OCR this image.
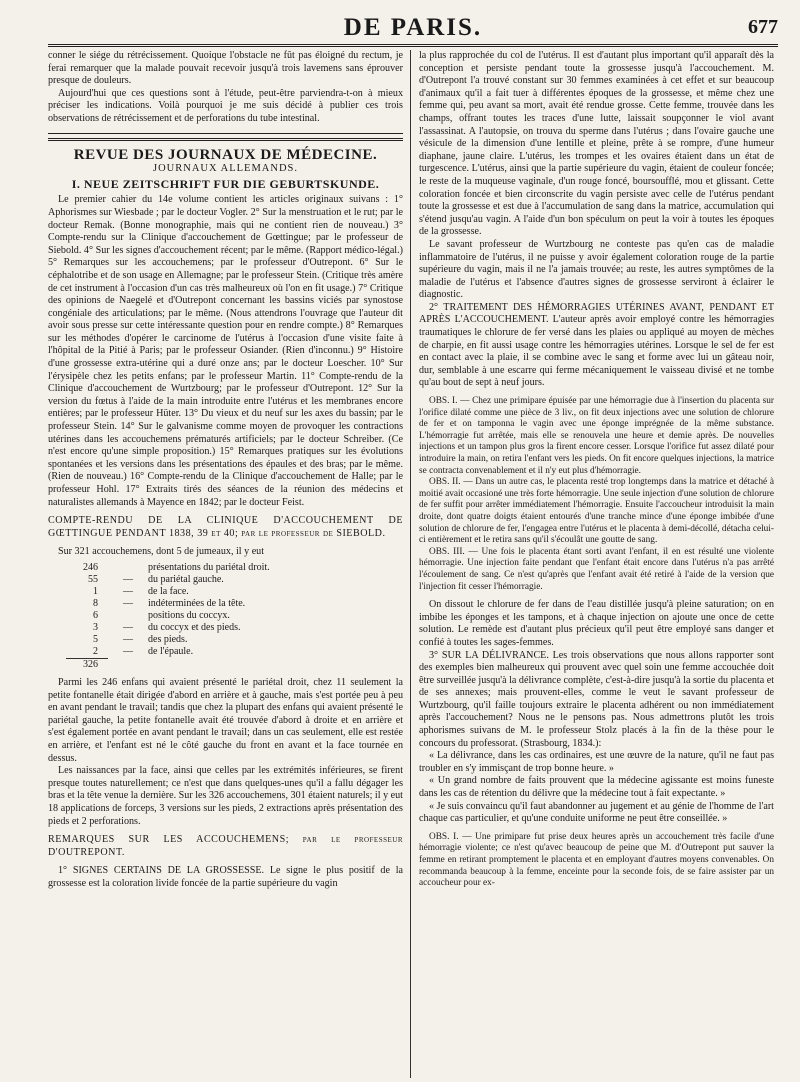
DE PARIS.	677

conner le siége du rétrécissement. Quoique l'obstacle ne fût pas éloigné du rectum, je ferai remarquer que la malade pouvait recevoir jusqu'à trois lavemens sans éprouver presque de douleurs.

Aujourd'hui que ces questions sont à l'étude, peut-être parviendra-t-on à mieux préciser les indications. Voilà pourquoi je me suis décidé à publier ces trois observations de rétrécissement et de perforations du tube intestinal.

REVUE DES JOURNAUX DE MÉDECINE.
JOURNAUX ALLEMANDS.
I. NEUE ZEITSCHRIFT FUR DIE GEBURTSKUNDE.

Le premier cahier du 14e volume contient les articles originaux suivans : 1° Aphorismes sur Wiesbade ; par le docteur Vogler. 2° Sur la menstruation et le rut; par le docteur Remak. (Bonne monographie, mais qui ne contient rien de nouveau.) 3° Compte-rendu sur la Clinique d'accouchement de Gœttingue; par le professeur de Siebold. 4° Sur les signes d'accouchement récent; par le même. (Rapport médico-légal.) 5° Remarques sur les accouchemens; par le professeur d'Outrepont. 6° Sur le céphalotribe et de son usage en Allemagne; par le professeur Stein. (Critique très amère de cet instrument à l'occasion d'un cas très malheureux où l'on en fit usage.) 7° Critique des opinions de Naegelé et d'Outrepont concernant les bassins viciés par synostose congéniale des articulations; par le même. (Nous attendrons l'ouvrage que l'auteur dit avoir sous presse sur cette intéressante question pour en rendre compte.) 8° Remarques sur les méthodes d'opérer le carcinome de l'utérus à l'occasion d'une visite faite à l'hôpital de la Pitié à Paris; par le professeur Osiander. (Rien d'inconnu.) 9° Histoire d'une grossesse extra-utérine qui a duré onze ans; par le docteur Loescher. 10° Sur l'érysipèle chez les petits enfans; par le professeur Martin. 11° Compte-rendu de la Clinique d'accouchement de Wurtzbourg; par le professeur d'Outrepont. 12° Sur la version du fœtus à l'aide de la main introduite entre l'utérus et les membranes encore entières; par le professeur Hüter. 13° Du vieux et du neuf sur les axes du bassin; par le professeur Stein. 14° Sur le galvanisme comme moyen de provoquer les contractions utérines dans les accouchemens prématurés artificiels; par le docteur Schreiber. (Ce n'est encore qu'une simple proposition.) 15° Remarques pratiques sur les évolutions spontanées et les versions dans les présentations des épaules et des bras; par le même. (Rien de nouveau.) 16° Compte-rendu de la Clinique d'accouchement de Halle; par le professeur Hohl. 17° Extraits tirés des séances de la réunion des médecins et naturalistes allemands à Mayence en 1842; par le docteur Feist.

COMPTE-RENDU DE LA CLINIQUE D'ACCOUCHEMENT DE GŒTTINGUE PENDANT 1838, 39 et 40; par le professeur de SIEBOLD.

Sur 321 accouchemens, dont 5 de jumeaux, il y eut

246	présentations du pariétal droit.
55	—	du pariétal gauche.
1	—	de la face.
8	—	indéterminées de la tête.
6	positions du coccyx.
3	—	du coccyx et des pieds.
5	—	des pieds.
2	—	de l'épaule.
326

Parmi les 246 enfans qui avaient présenté le pariétal droit, chez 11 seulement la petite fontanelle était dirigée d'abord en arrière et à gauche, mais s'est portée peu à peu en avant pendant le travail; tandis que chez la plupart des enfans qui avaient présenté le pariétal gauche, la petite fontanelle avait été trouvée d'abord à droite et en arrière et s'est également portée en avant pendant le travail; dans un cas seulement, elle est restée en arrière, et l'enfant est né le côté gauche du front en avant et la face tournée en dessus.

Les naissances par la face, ainsi que celles par les extrémités inférieures, se firent presque toutes naturellement; ce n'est que dans quelques-unes qu'il a fallu dégager les bras et la tête venue la dernière. Sur les 326 accouchemens, 301 étaient naturels; il y eut 18 applications de forceps, 3 versions sur les pieds, 2 extractions après présentation des pieds et 2 perforations.

REMARQUES SUR LES ACCOUCHEMENS; par le professeur D'OUTREPONT.

1° SIGNES CERTAINS DE LA GROSSESSE. Le signe le plus positif de la grossesse est la coloration livide foncée de la partie supérieure du vagin

la plus rapprochée du col de l'utérus. Il est d'autant plus important qu'il apparaît dès la conception et persiste pendant toute la grossesse jusqu'à l'accouchement. M. d'Outrepont l'a trouvé constant sur 30 femmes examinées à cet effet et sur beaucoup d'animaux qu'il a fait tuer à différentes époques de la grossesse, et même chez une femme qui, peu avant sa mort, avait été rendue grosse. Cette femme, trouvée dans les champs, offrant toutes les traces d'une lutte, laissait soupçonner le viol avant l'assassinat. A l'autopsie, on trouva du sperme dans l'utérus ; dans l'ovaire gauche une vésicule de la dimension d'une lentille et pleine, prête à se rompre, d'une humeur diaphane, jaune claire. L'utérus, les trompes et les ovaires étaient dans un état de turgescence. L'utérus, ainsi que la partie supérieure du vagin, étaient de couleur foncée; le reste de la muqueuse vaginale, d'un rouge foncé, boursoufflé, mou et glissant. Cette coloration foncée et bien circonscrite du vagin persiste avec celle de l'utérus pendant toute la grossesse et est due à l'accumulation de sang dans la matrice, accumulation qui s'étend jusqu'au vagin. A l'aide d'un bon spéculum on peut la voir à toutes les époques de la grossesse.

Le savant professeur de Wurtzbourg ne conteste pas qu'en cas de maladie inflammatoire de l'utérus, il ne puisse y avoir également coloration rouge de la partie supérieure du vagin, mais il ne l'a jamais trouvée; au reste, les autres symptômes de la maladie de l'utérus et l'absence d'autres signes de grossesse serviront à éclairer le diagnostic.

2° TRAITEMENT DES HÉMORRAGIES UTÉRINES AVANT, PENDANT ET APRÈS L'ACCOUCHEMENT. L'auteur après avoir employé contre les hémorragies traumatiques le chlorure de fer versé dans les plaies ou appliqué au moyen de mèches de charpie, en fit aussi usage contre les hémorragies utérines. Lorsque le sel de fer est en contact avec la plaie, il se combine avec le sang et forme avec lui un gâteau noir, dur, semblable à une escarre qui ferme mécaniquement le vaisseau divisé et ne tombe qu'au bout de sept à neuf jours.

OBS. I. — Chez une primipare épuisée par une hémorragie due à l'insertion du placenta sur l'orifice dilaté comme une pièce de 3 liv., on fit deux injections avec une solution de chlorure de fer et on tamponna le vagin avec une éponge imprégnée de la même substance. L'hémorragie fut arrêtée, mais elle se renouvela une heure et demie après. De nouvelles injections et un tampon plus gros la firent encore cesser. Lorsque l'orifice fut assez dilaté pour introduire la main, on retira l'enfant vers les pieds. On fit encore quelques injections, la matrice se contracta convenablement et il n'y eut plus d'hémorragie.

OBS. II. — Dans un autre cas, le placenta resté trop longtemps dans la matrice et détaché à moitié avait occasioné une très forte hémorragie. Une seule injection d'une solution de chlorure de fer suffit pour arrêter immédiatement l'hémorragie. Ensuite l'accoucheur introduisit la main droite, dont quatre doigts étaient entourés d'une tranche mince d'une éponge imbibée d'une solution de chlorure de fer, l'engagea entre l'utérus et le placenta à demi-décollé, détacha celui-ci entièrement et le retira sans qu'il s'écoulât une goutte de sang.

OBS. III. — Une fois le placenta étant sorti avant l'enfant, il en est résulté une violente hémorragie. Une injection faite pendant que l'enfant était encore dans l'utérus n'a pas arrêté l'écoulement de sang. Ce n'est qu'après que l'enfant avait été retiré à l'aide de la version que l'injection fit cesser l'hémorragie.

On dissout le chlorure de fer dans de l'eau distillée jusqu'à pleine saturation; on en imbibe les éponges et les tampons, et à chaque injection on ajoute une once de cette solution. Le remède est d'autant plus précieux qu'il peut être employé sans danger et confié à toutes les sages-femmes.

3° SUR LA DÉLIVRANCE. Les trois observations que nous allons rapporter sont des exemples bien malheureux qui prouvent avec quel soin une femme accouchée doit être surveillée jusqu'à la délivrance complète, c'est-à-dire jusqu'à la sortie du placenta et de ses annexes; mais prouvent-elles, comme le veut le savant professeur de Wurtzbourg, qu'il faille toujours extraire le placenta adhérent ou non immédiatement après l'accouchement? Nous ne le pensons pas. Nous admettrons plutôt les trois aphorismes suivans de M. le professeur Stolz placés à la fin de la thèse pour le concours du professorat. (Strasbourg, 1834.):

« La délivrance, dans les cas ordinaires, est une œuvre de la nature, qu'il ne faut pas troubler en s'y immisçant de trop bonne heure. »

« Un grand nombre de faits prouvent que la médecine agissante est moins funeste dans les cas de rétention du délivre que la médecine tout à fait expectante. »

« Je suis convaincu qu'il faut abandonner au jugement et au génie de l'homme de l'art chaque cas particulier, et qu'une conduite uniforme ne peut être conseillée. »

OBS. I. — Une primipare fut prise deux heures après un accouchement très facile d'une hémorragie violente; ce n'est qu'avec beaucoup de peine que M. d'Outrepont put sauver la femme en retirant promptement le placenta et en employant d'autres moyens convenables. On recommanda beaucoup à la femme, enceinte pour la seconde fois, de se faire assister par un accoucheur pour ex-
